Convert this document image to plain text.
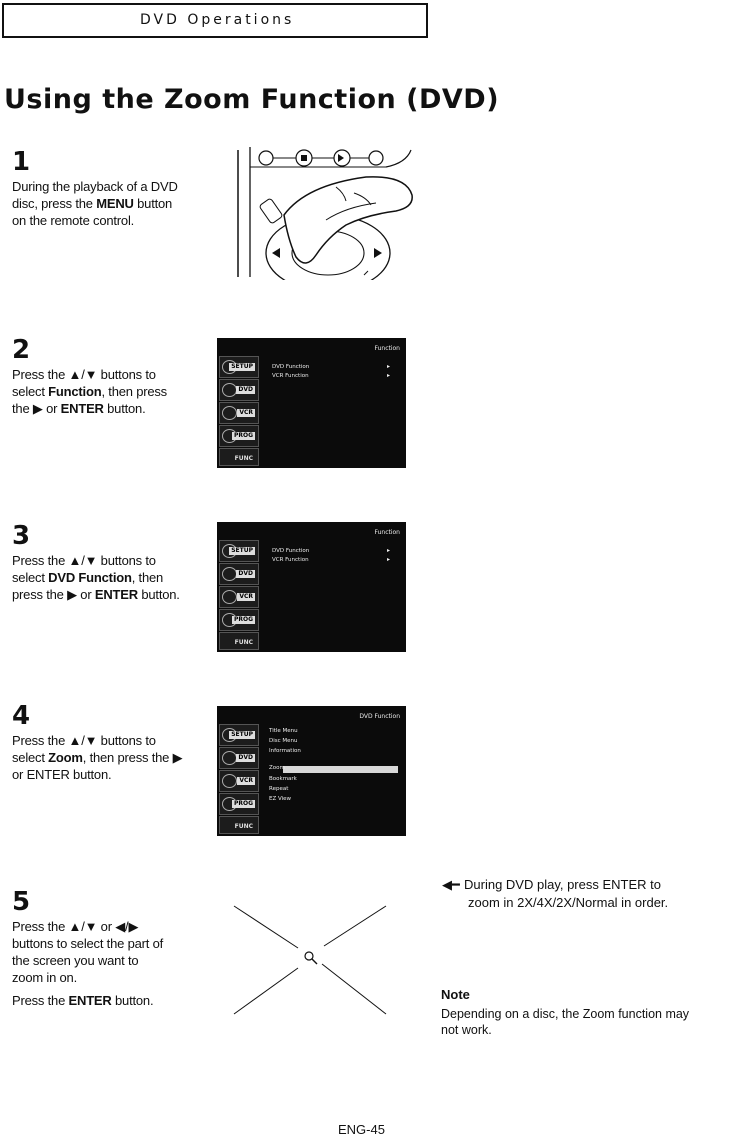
DVD Operations
Using the Zoom Function (DVD)
1
During the playback of a DVD
disc, press the MENU button
on the remote control.
2
Press the ▲/▼ buttons to
select Function, then press
the ▶ or ENTER button.
Function
SETUP
DVD
VCR
PROG
FUNC
DVD Function	▸
VCR Function	▸
3
Press the ▲/▼ buttons to
select DVD Function, then
press the ▶ or ENTER button.
Function
SETUP
DVD
VCR
PROG
FUNC
DVD Function	▸
VCR Function	▸
4
Press the ▲/▼ buttons to
select Zoom, then press the ▶
or ENTER button.
DVD Function
SETUP
DVD
VCR
PROG
FUNC
Title Menu
Disc Menu
Information
Zoom
Bookmark
Repeat
EZ View
5
Press the ▲/▼ or ◀/▶
buttons to select the part of
the screen you want to
zoom in on.
Press the ENTER button.
◀━ During DVD play, press ENTER to
zoom in 2X/4X/2X/Normal in order.
Note
Depending on a disc, the Zoom function may
not work.
ENG-45
